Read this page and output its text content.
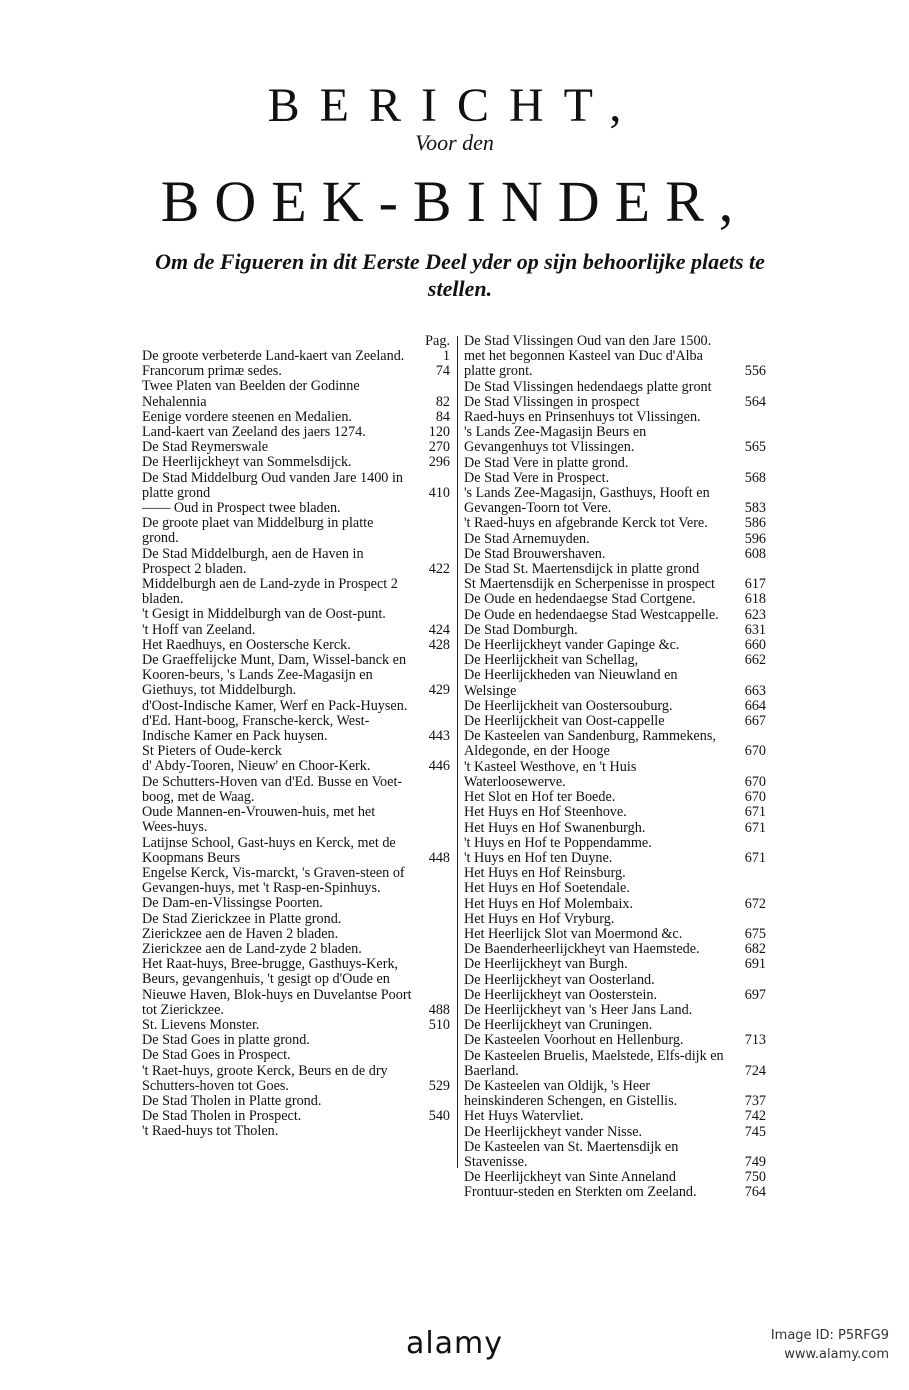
BERICHT,
Voor den
BOEK-BINDER,
Om de Figueren in dit Eerste Deel yder op sijn behoorlijke plaets te stellen.
Pag.
De groote verbeterde Land-kaert van Zeeland.	1
Francorum primæ sedes.	74
Twee Platen van Beelden der Godinne Nehalennia	82
Eenige vordere steenen en Medalien.	84
Land-kaert van Zeeland des jaers 1274.	120
De Stad Reymerswale	270
De Heerlijckheyt van Sommelsdijck.	296
De Stad Middelburg Oud vanden Jare 1400 in platte grond	410
—— Oud in Prospect twee bladen.
De groote plaet van Middelburg in platte grond.
De Stad Middelburgh, aen de Haven in Prospect 2 bladen.	422
Middelburgh aen de Land-zyde in Prospect 2 bladen.
't Gesigt in Middelburgh van de Oost-punt.
't Hoff van Zeeland.	424
Het Raedhuys, en Oostersche Kerck.	428
De Graeffelijcke Munt, Dam, Wissel-banck en Kooren-beurs, 's Lands Zee-Magasijn en Giethuys, tot Middelburgh.	429
d'Oost-Indische Kamer, Werf en Pack-Huysen.
d'Ed. Hant-boog, Fransche-kerck, West-Indische Kamer en Pack huysen.	443
St Pieters of Oude-kerck
d' Abdy-Tooren, Nieuw' en Choor-Kerk.	446
De Schutters-Hoven van d'Ed. Busse en Voet-boog, met de Waag.
Oude Mannen-en-Vrouwen-huis, met het Wees-huys.
Latijnse School, Gast-huys en Kerck, met de Koopmans Beurs	448
Engelse Kerck, Vis-marckt, 's Graven-steen of Gevangen-huys, met 't Rasp-en-Spinhuys.
De Dam-en-Vlissingse Poorten.
De Stad Zierickzee in Platte grond.
Zierickzee aen de Haven 2 bladen.
Zierickzee aen de Land-zyde 2 bladen.
Het Raat-huys, Bree-brugge, Gasthuys-Kerk, Beurs, gevangenhuis, 't gesigt op d'Oude en Nieuwe Haven, Blok-huys en Duvelantse Poort tot Zierickzee.	488
St. Lievens Monster.	510
De Stad Goes in platte grond.
De Stad Goes in Prospect.
't Raet-huys, groote Kerck, Beurs en de dry Schutters-hoven tot Goes.	529
De Stad Tholen in Platte grond.
De Stad Tholen in Prospect.	540
't Raed-huys tot Tholen.
De Stad Vlissingen Oud van den Jare 1500. met het begonnen Kasteel van Duc d'Alba platte gront.	556
De Stad Vlissingen hedendaegs platte gront
De Stad Vlissingen in prospect	564
Raed-huys en Prinsenhuys tot Vlissingen.
's Lands Zee-Magasijn Beurs en Gevangenhuys tot Vlissingen.	565
De Stad Vere in platte grond.
De Stad Vere in Prospect.	568
's Lands Zee-Magasijn, Gasthuys, Hooft en Gevangen-Toorn tot Vere.	583
't Raed-huys en afgebrande Kerck tot Vere.	586
De Stad Arnemuyden.	596
De Stad Brouwershaven.	608
De Stad St. Maertensdijck in platte grond
St Maertensdijk en Scherpenisse in prospect	617
De Oude en hedendaegse Stad Cortgene.	618
De Oude en hedendaegse Stad Westcappelle.	623
De Stad Domburgh.	631
De Heerlijckheyt vander Gapinge &c.	660
De Heerlijckheit van Schellag,	662
De Heerlijckheden van Nieuwland en Welsinge	663
De Heerlijckheit van Oostersouburg.	664
De Heerlijckheit van Oost-cappelle	667
De Kasteelen van Sandenburg, Rammekens, Aldegonde, en der Hooge	670
't Kasteel Westhove, en 't Huis Waterloosewerve.	670
Het Slot en Hof ter Boede.	670
Het Huys en Hof Steenhove.	671
Het Huys en Hof Swanenburgh.	671
't Huys en Hof te Poppendamme.
't Huys en Hof ten Duyne.	671
Het Huys en Hof Reinsburg.
Het Huys en Hof Soetendale.
Het Huys en Hof Molembaix.	672
Het Huys en Hof Vryburg.
Het Heerlijck Slot van Moermond &c.	675
De Baenderheerlijckheyt van Haemstede.	682
De Heerlijckheyt van Burgh.	691
De Heerlijckheyt van Oosterland.
De Heerlijckheyt van Oosterstein.	697
De Heerlijckheyt van 's Heer Jans Land.
De Heerlijckheyt van Cruningen.
De Kasteelen Voorhout en Hellenburg.	713
De Kasteelen Bruelis, Maelstede, Elfs-dijk en Baerland.	724
De Kasteelen van Oldijk, 's Heer heinskinderen Schengen, en Gistellis.	737
Het Huys Watervliet.	742
De Heerlijckheyt vander Nisse.	745
De Kasteelen van St. Maertensdijk en Stavenisse.	749
De Heerlijckheyt van Sinte Anneland	750
Frontuur-steden en Sterkten om Zeeland.	764
alamy	Image ID: P5RFG9
www.alamy.com
